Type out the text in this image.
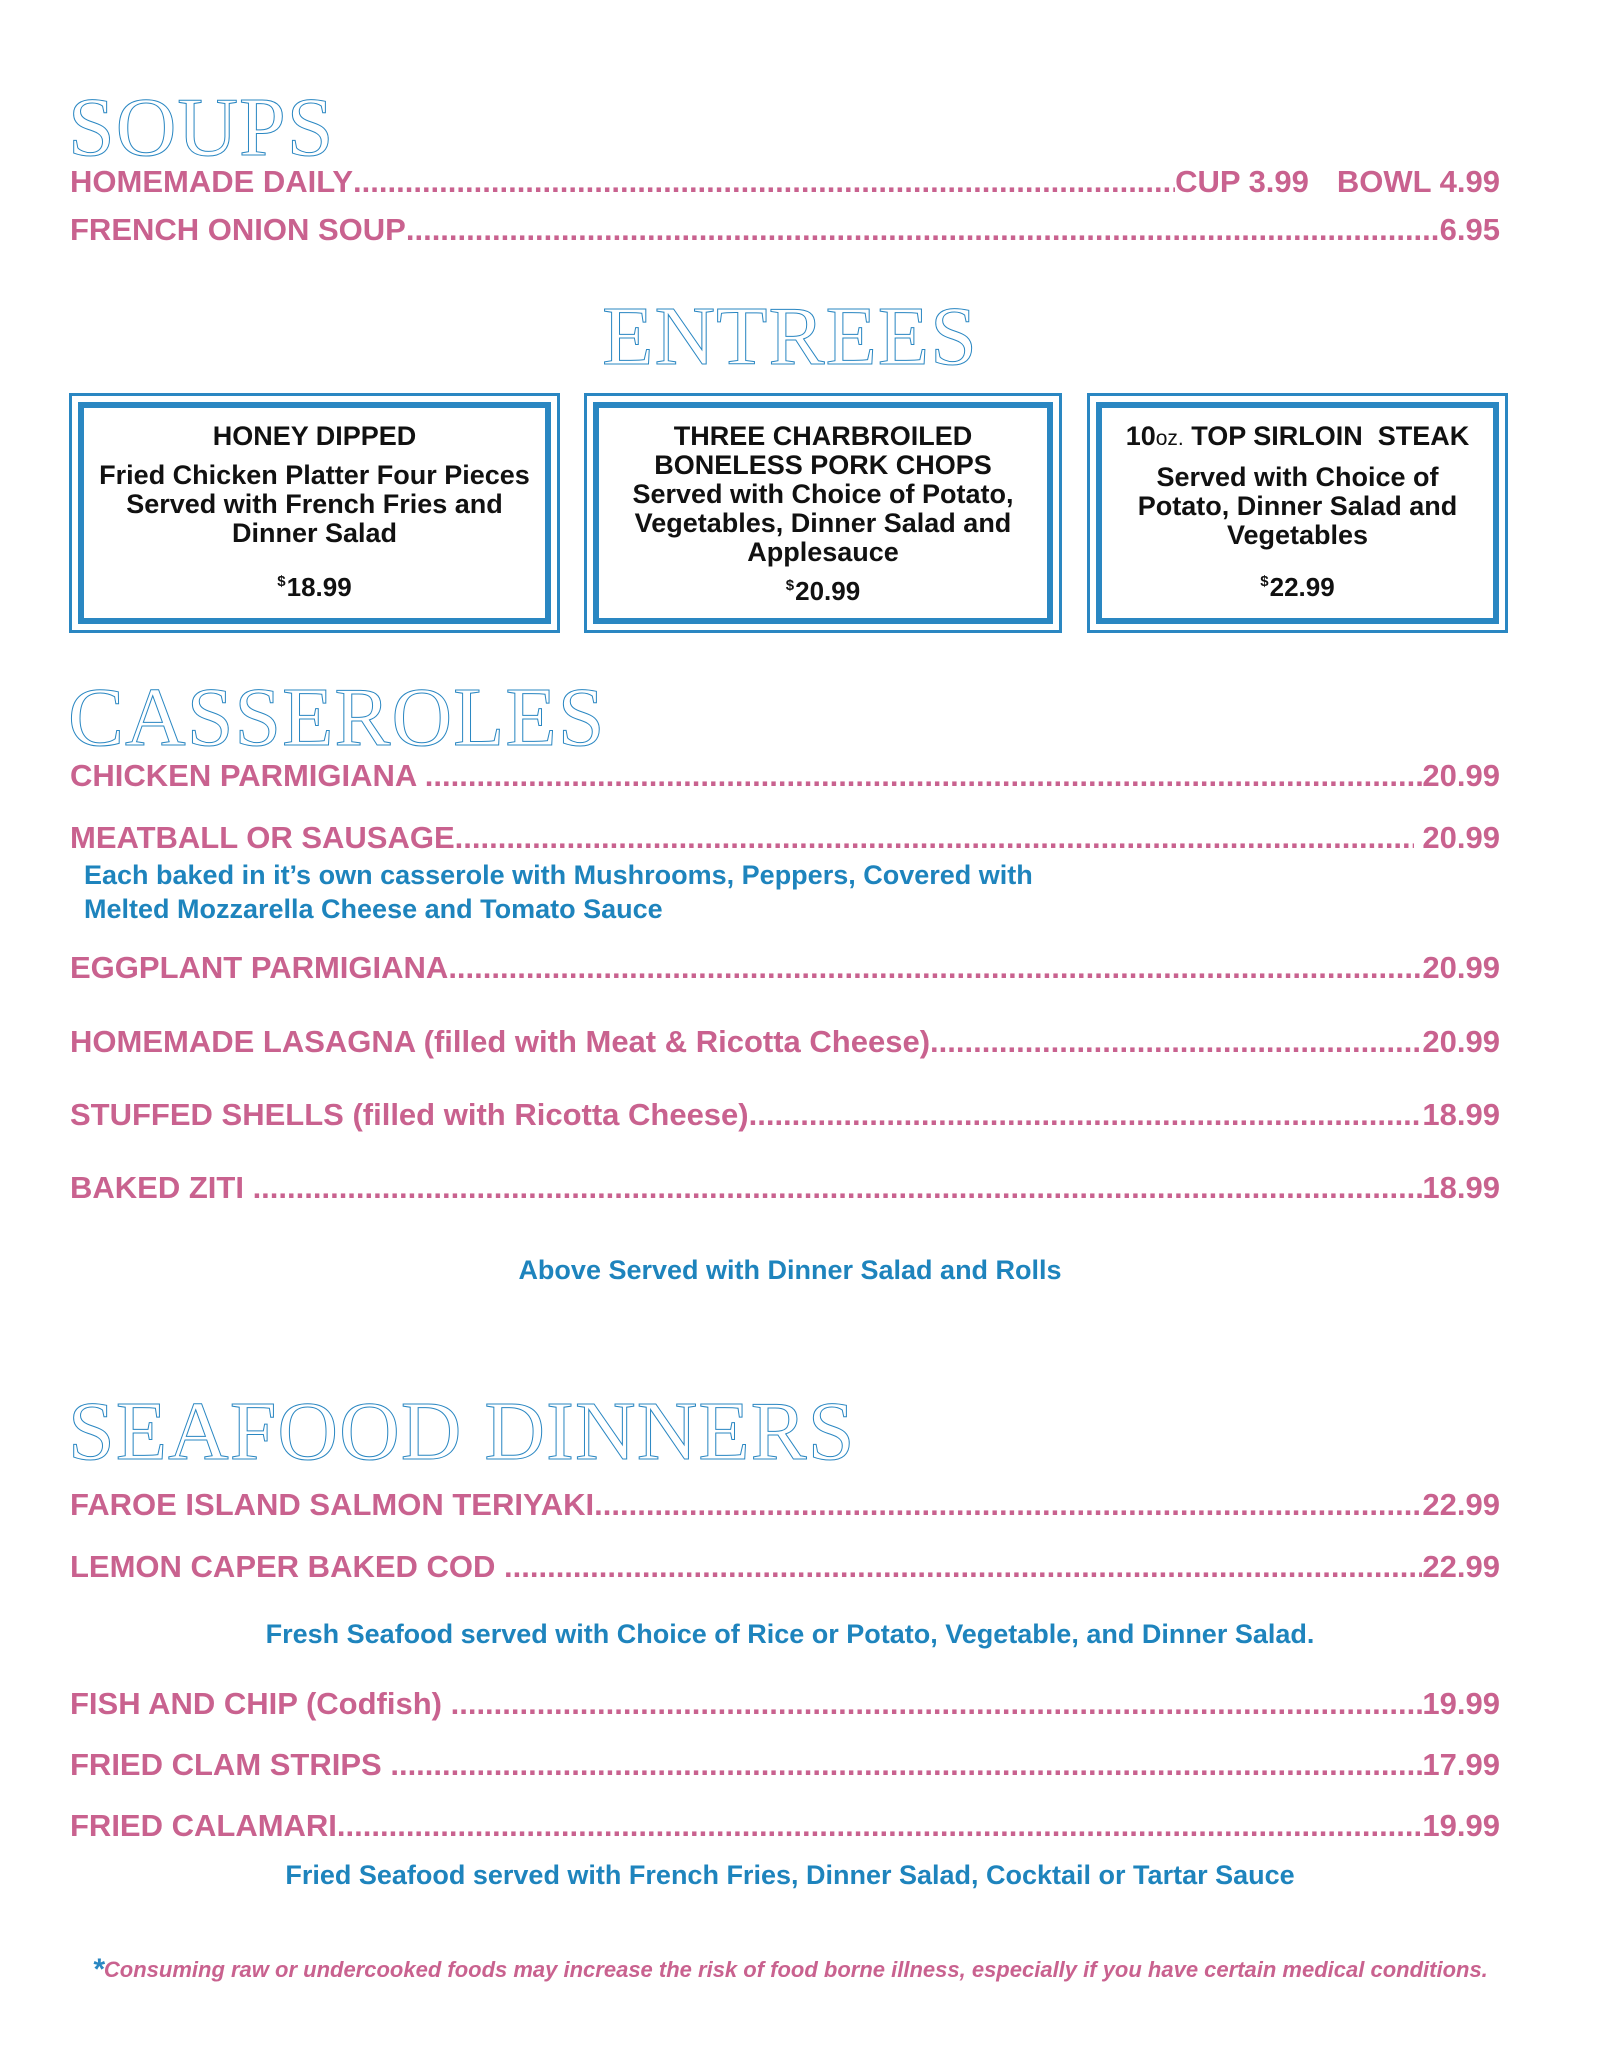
SOUPS
HOMEMADE DAILY .....	CUP 3.99 BOWL 4.99
FRENCH ONION SOUP .....	6.95
ENTREES
HONEY DIPPED
Fried Chicken Platter Four Pieces Served with French Fries and Dinner Salad
$18.99
THREE CHARBROILED BONELESS PORK CHOPS
Served with Choice of Potato, Vegetables, Dinner Salad and Applesauce
$20.99
10oz. TOP SIRLOIN  STEAK
Served with Choice of Potato, Dinner Salad and Vegetables
$22.99
CASSEROLES
CHICKEN PARMIGIANA .....	20.99
MEATBALL OR SAUSAGE .....	20.99
Each baked in it’s own casserole with Mushrooms, Peppers, Covered with
Melted Mozzarella Cheese and Tomato Sauce
EGGPLANT PARMIGIANA .....	20.99
HOMEMADE LASAGNA (filled with Meat & Ricotta Cheese) .....	20.99
STUFFED SHELLS (filled with Ricotta Cheese) .....	18.99
BAKED ZITI .....	18.99
Above Served with Dinner Salad and Rolls
SEAFOOD DINNERS
FAROE ISLAND SALMON TERIYAKI .....	22.99
LEMON CAPER BAKED COD .....	22.99
Fresh Seafood served with Choice of Rice or Potato, Vegetable, and Dinner Salad.
FISH AND CHIP (Codfish) .....	19.99
FRIED CLAM STRIPS .....	17.99
FRIED CALAMARI .....	19.99
Fried Seafood served with French Fries, Dinner Salad, Cocktail or Tartar Sauce
*Consuming raw or undercooked foods may increase the risk of food borne illness, especially if you have certain medical conditions.
